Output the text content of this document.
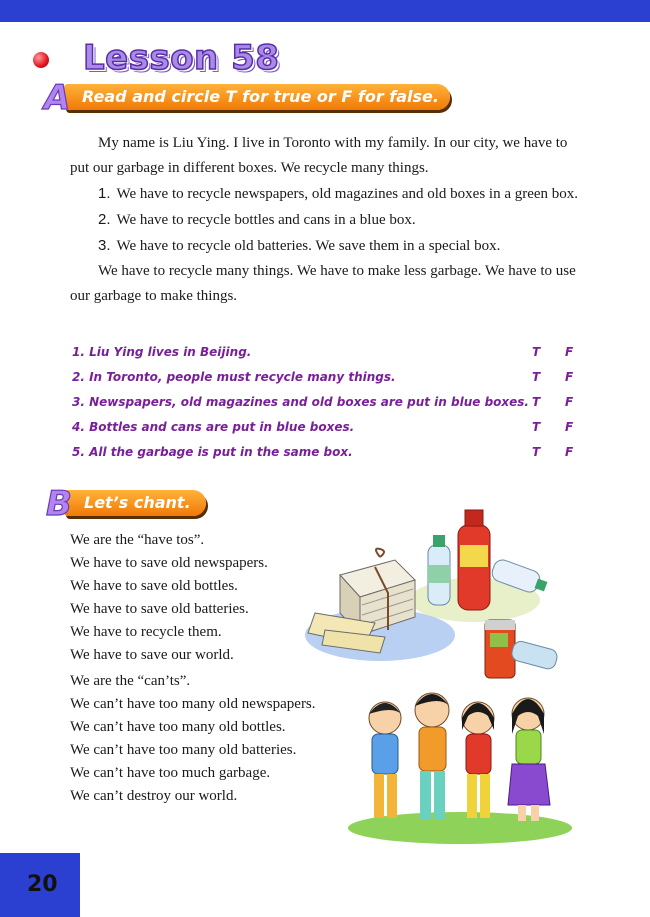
Lesson 58
Read and circle T for true or F for false.
A

My name is Liu Ying. I live in Toronto with my family. In our city, we have to put our garbage in different boxes. We recycle many things.

1. We have to recycle newspapers, old magazines and old boxes in a green box.

2. We have to recycle bottles and cans in a blue box.

3. We have to recycle old batteries. We save them in a special box.

We have to recycle many things. We have to make less garbage. We have to use our garbage to make things.

1. Liu Ying lives in Beijing.	T F
2. In Toronto, people must recycle many things.	T F
3. Newspapers, old magazines and old boxes are put in blue boxes. T F
4. Bottles and cans are put in blue boxes.	T F
5. All the garbage is put in the same box.	T F
Let’s chant.
B
We are the “have tos”.
We have to save old newspapers.
We have to save old bottles.
We have to save old batteries.
We have to recycle them.
We have to save our world.
We are the “can’ts”.
We can’t have too many old newspapers.
We can’t have too many old bottles.
We can’t have too many old batteries.
We can’t have too much garbage.
We can’t destroy our world.
20
